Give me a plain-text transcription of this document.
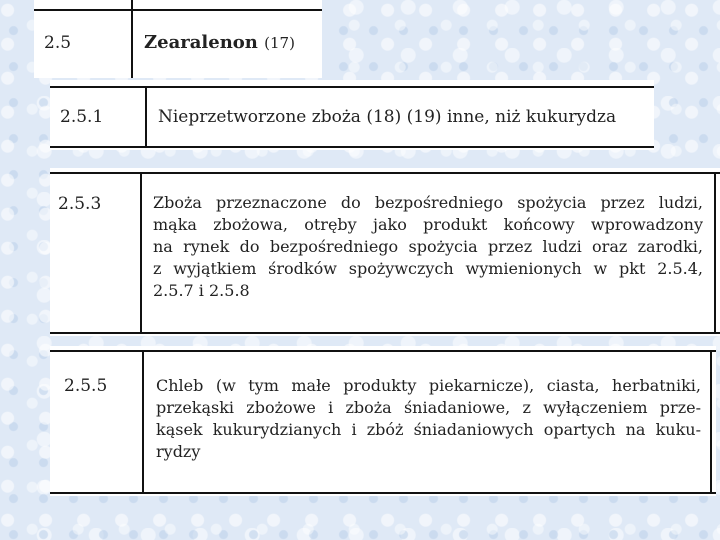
2.5	Zearalenon (17)
2.5.1	Nieprzetworzone zboża (18) (19) inne, niż kukurydza
2.5.3	Zboża przeznaczone do bezpośredniego spożycia przez ludzi,
mąka zbożowa, otręby jako produkt końcowy wprowadzony
na rynek do bezpośredniego spożycia przez ludzi oraz zarodki,
z wyjątkiem środków spożywczych wymienionych w pkt 2.5.4,
2.5.7 i 2.5.8
2.5.5	Chleb (w tym małe produkty piekarnicze), ciasta, herbatniki,
przekąski zbożowe i zboża śniadaniowe, z wyłączeniem prze-
kąsek kukurydzianych i zbóż śniadaniowych opartych na kuku-
rydzy
